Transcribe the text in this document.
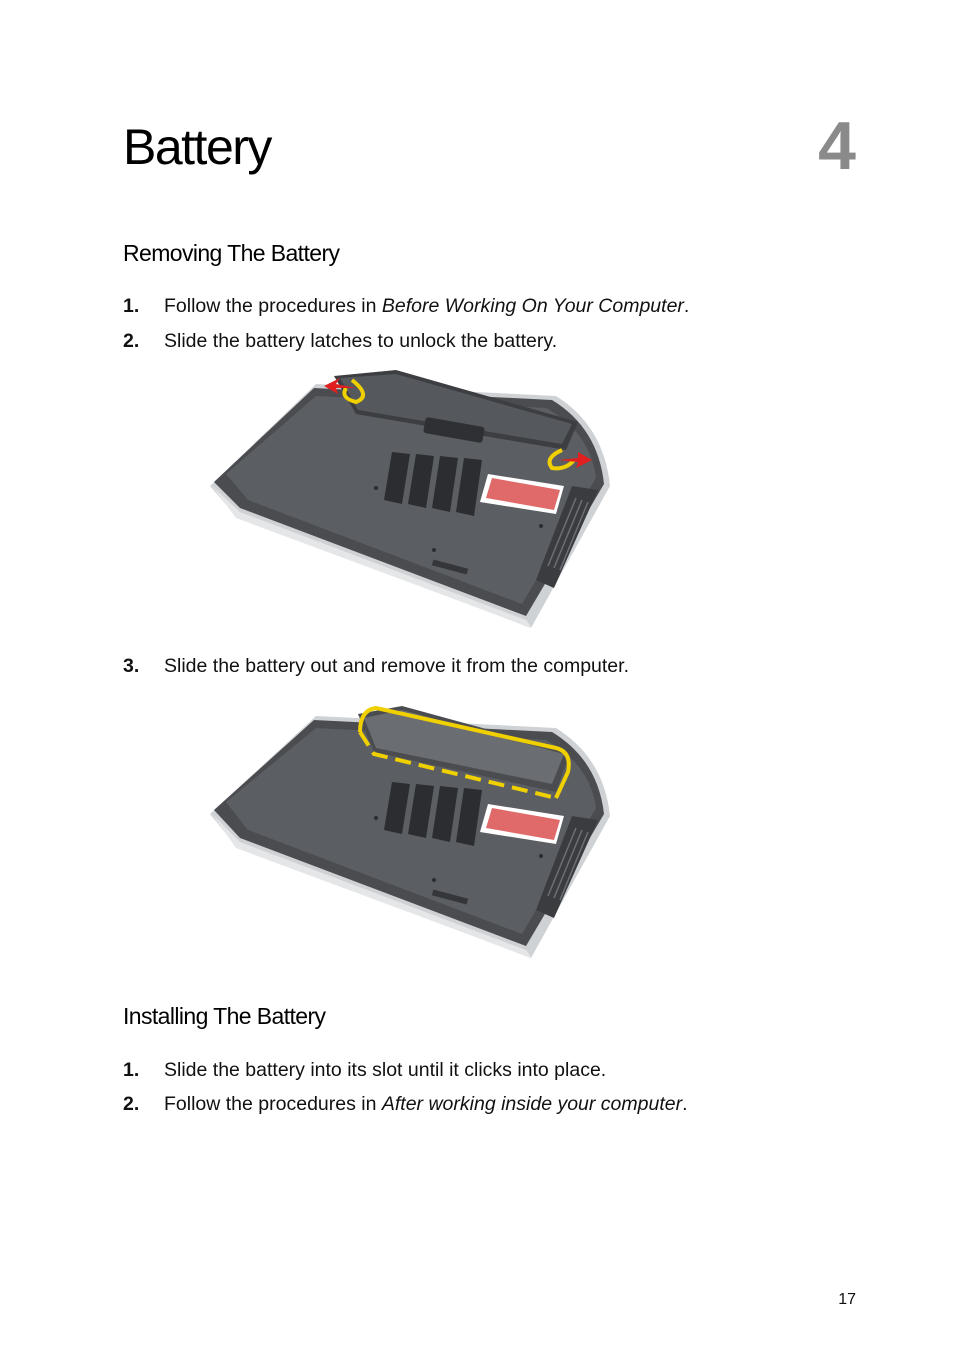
Battery	4
Removing The Battery
1. Follow the procedures in Before Working On Your Computer.
2. Slide the battery latches to unlock the battery.
3. Slide the battery out and remove it from the computer.
Installing The Battery
1. Slide the battery into its slot until it clicks into place.
2. Follow the procedures in After working inside your computer.
17
